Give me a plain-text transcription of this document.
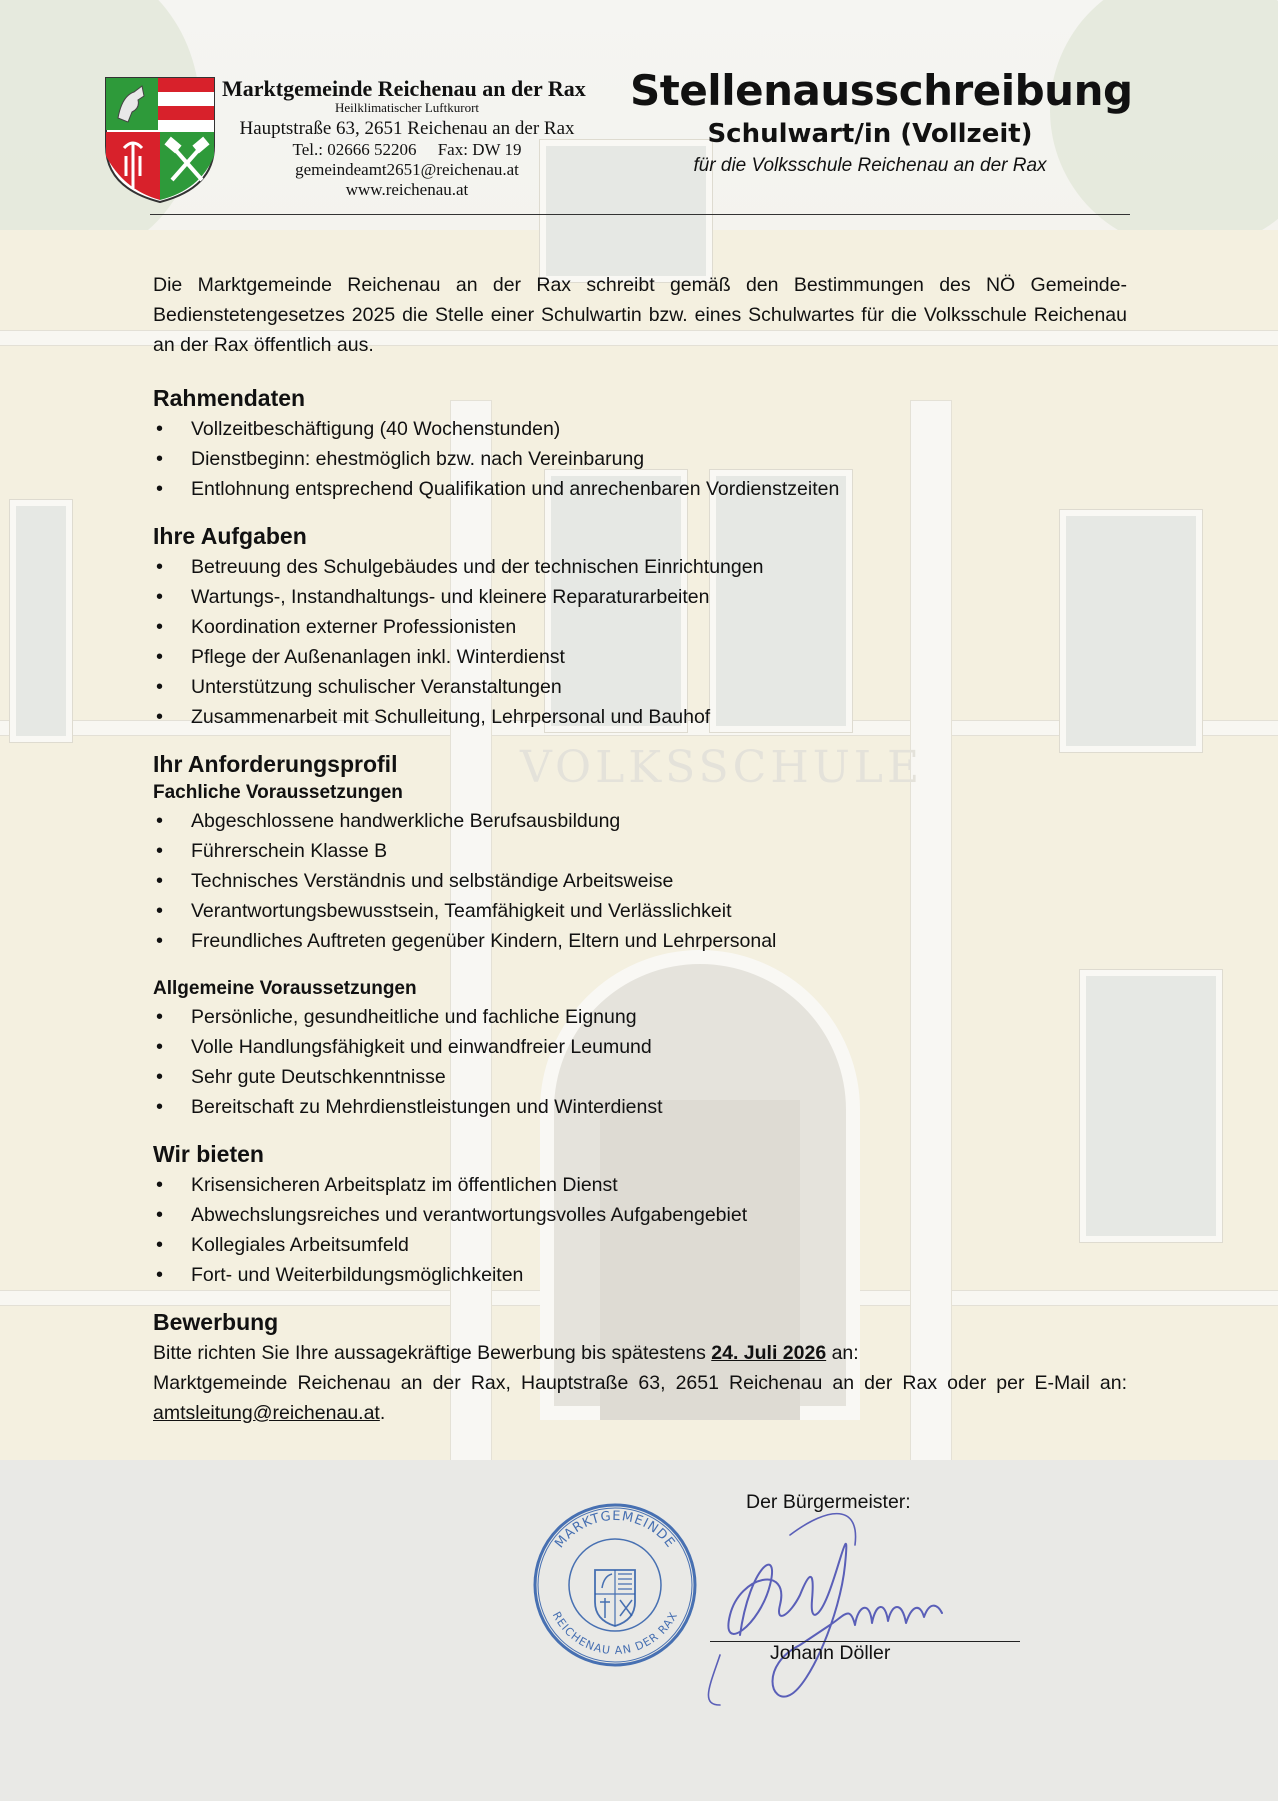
VOLKSSCHULE
Marktgemeinde Reichenau an der Rax
Heilklimatischer Luftkurort
Hauptstraße 63, 2651 Reichenau an der Rax
Tel.: 02666 52206 Fax: DW 19
gemeindeamt2651@reichenau.at
www.reichenau.at
Stellenausschreibung
Schulwart/in (Vollzeit)
für die Volksschule Reichenau an der Rax

Die Marktgemeinde Reichenau an der Rax schreibt gemäß den Bestimmungen des NÖ Gemeinde-Bedienstetengesetzes 2025 die Stelle einer Schulwartin bzw. eines Schulwartes für die Volksschule Reichenau an der Rax öffentlich aus.

Rahmendaten
• Vollzeitbeschäftigung (40 Wochenstunden)
• Dienstbeginn: ehestmöglich bzw. nach Vereinbarung
• Entlohnung entsprechend Qualifikation und anrechenbaren Vordienstzeiten
Ihre Aufgaben
• Betreuung des Schulgebäudes und der technischen Einrichtungen
• Wartungs-, Instandhaltungs- und kleinere Reparaturarbeiten
• Koordination externer Professionisten
• Pflege der Außenanlagen inkl. Winterdienst
• Unterstützung schulischer Veranstaltungen
• Zusammenarbeit mit Schulleitung, Lehrpersonal und Bauhof
Ihr Anforderungsprofil
Fachliche Voraussetzungen
• Abgeschlossene handwerkliche Berufsausbildung
• Führerschein Klasse B
• Technisches Verständnis und selbständige Arbeitsweise
• Verantwortungsbewusstsein, Teamfähigkeit und Verlässlichkeit
• Freundliches Auftreten gegenüber Kindern, Eltern und Lehrpersonal
Allgemeine Voraussetzungen
• Persönliche, gesundheitliche und fachliche Eignung
• Volle Handlungsfähigkeit und einwandfreier Leumund
• Sehr gute Deutschkenntnisse
• Bereitschaft zu Mehrdienstleistungen und Winterdienst
Wir bieten
• Krisensicheren Arbeitsplatz im öffentlichen Dienst
• Abwechslungsreiches und verantwortungsvolles Aufgabengebiet
• Kollegiales Arbeitsumfeld
• Fort- und Weiterbildungsmöglichkeiten
Bewerbung

Bitte richten Sie Ihre aussagekräftige Bewerbung bis spätestens 24. Juli 2026 an:

Marktgemeinde Reichenau an der Rax, Hauptstraße 63, 2651 Reichenau an der Rax oder per E-Mail an: amtsleitung@reichenau.at.

Der Bürgermeister:
MARKTGEMEINDE
REICHENAU AN DER RAX
Johann Döller
